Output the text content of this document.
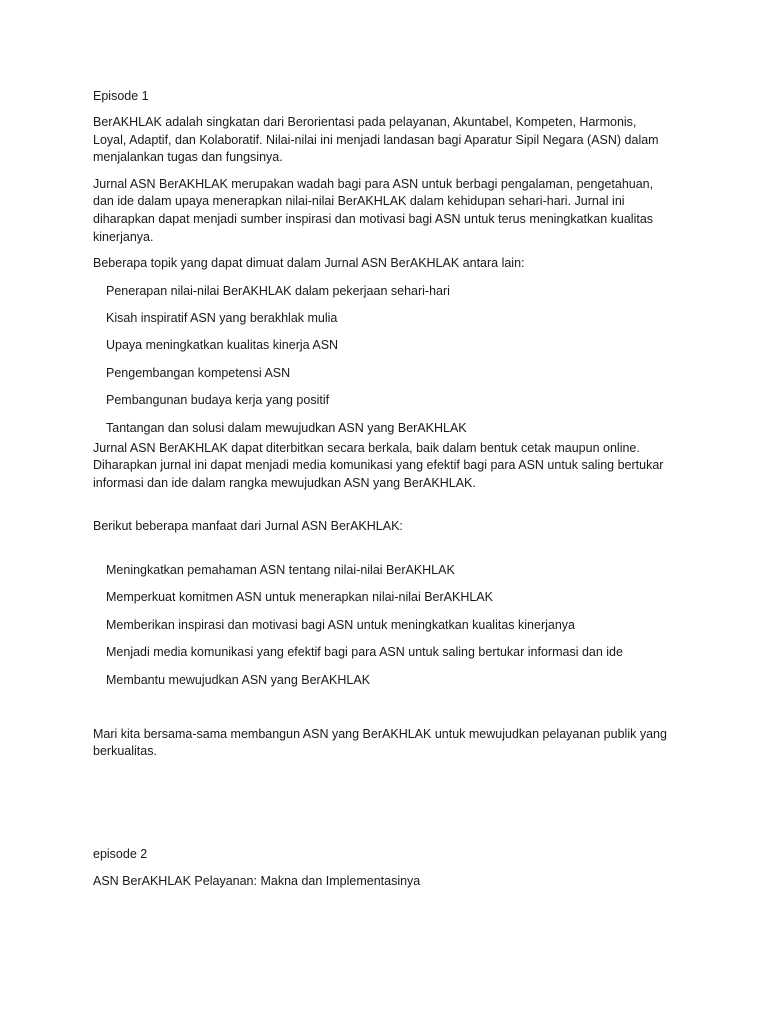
Episode 1

BerAKHLAK adalah singkatan dari Berorientasi pada pelayanan, Akuntabel, Kompeten, Harmonis, Loyal, Adaptif, dan Kolaboratif. Nilai-nilai ini menjadi landasan bagi Aparatur Sipil Negara (ASN) dalam menjalankan tugas dan fungsinya.

Jurnal ASN BerAKHLAK merupakan wadah bagi para ASN untuk berbagi pengalaman, pengetahuan, dan ide dalam upaya menerapkan nilai-nilai BerAKHLAK dalam kehidupan sehari-hari. Jurnal ini diharapkan dapat menjadi sumber inspirasi dan motivasi bagi ASN untuk terus meningkatkan kualitas kinerjanya.

Beberapa topik yang dapat dimuat dalam Jurnal ASN BerAKHLAK antara lain:

Penerapan nilai-nilai BerAKHLAK dalam pekerjaan sehari-hari
Kisah inspiratif ASN yang berakhlak mulia
Upaya meningkatkan kualitas kinerja ASN
Pengembangan kompetensi ASN
Pembangunan budaya kerja yang positif
Tantangan dan solusi dalam mewujudkan ASN yang BerAKHLAK

Jurnal ASN BerAKHLAK dapat diterbitkan secara berkala, baik dalam bentuk cetak maupun online. Diharapkan jurnal ini dapat menjadi media komunikasi yang efektif bagi para ASN untuk saling bertukar informasi dan ide dalam rangka mewujudkan ASN yang BerAKHLAK.

Berikut beberapa manfaat dari Jurnal ASN BerAKHLAK:

Meningkatkan pemahaman ASN tentang nilai-nilai BerAKHLAK
Memperkuat komitmen ASN untuk menerapkan nilai-nilai BerAKHLAK
Memberikan inspirasi dan motivasi bagi ASN untuk meningkatkan kualitas kinerjanya
Menjadi media komunikasi yang efektif bagi para ASN untuk saling bertukar informasi dan ide
Membantu mewujudkan ASN yang BerAKHLAK

Mari kita bersama-sama membangun ASN yang BerAKHLAK untuk mewujudkan pelayanan publik yang berkualitas.

episode 2

ASN BerAKHLAK Pelayanan: Makna dan Implementasinya
